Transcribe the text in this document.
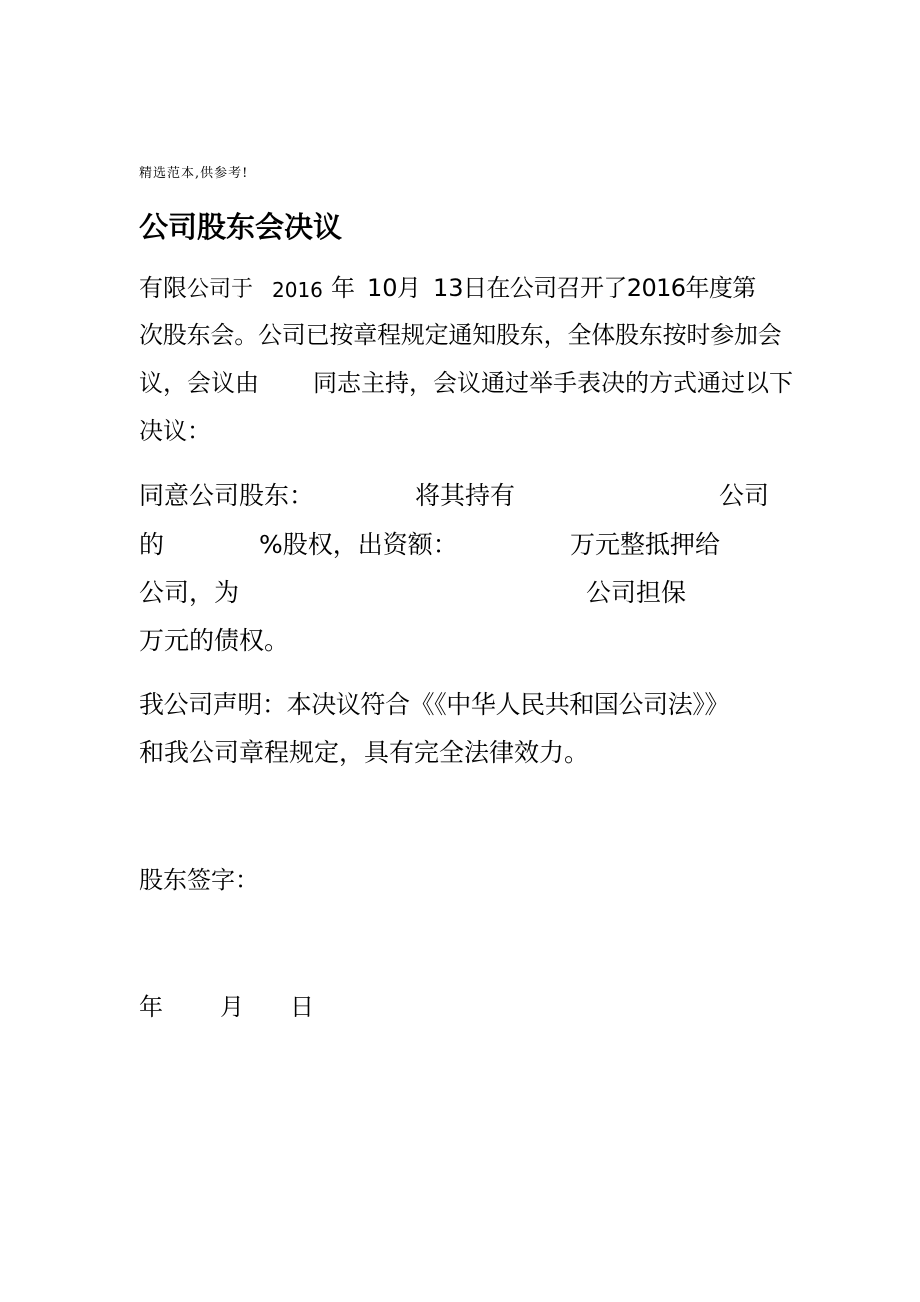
精选范本,供参考!
公司股东会决议
有限公司于 2016 年 10 月 13 日在公司召开了2016年度第
次股东会。公司已按章程规定通知股东，全体股东按时参加会
议，会议由 同志主持，会议通过举手表决的方式通过以下
决议：
同意公司股东：	将其持有	公司
的	%股权，出资额：	万元整抵押给
公司，为	公司担保
万元的债权。
我公司声明：本决议符合《《中华人民共和国公司法》》
和我公司章程规定，具有完全法律效力。
股东签字：
年 月 日
